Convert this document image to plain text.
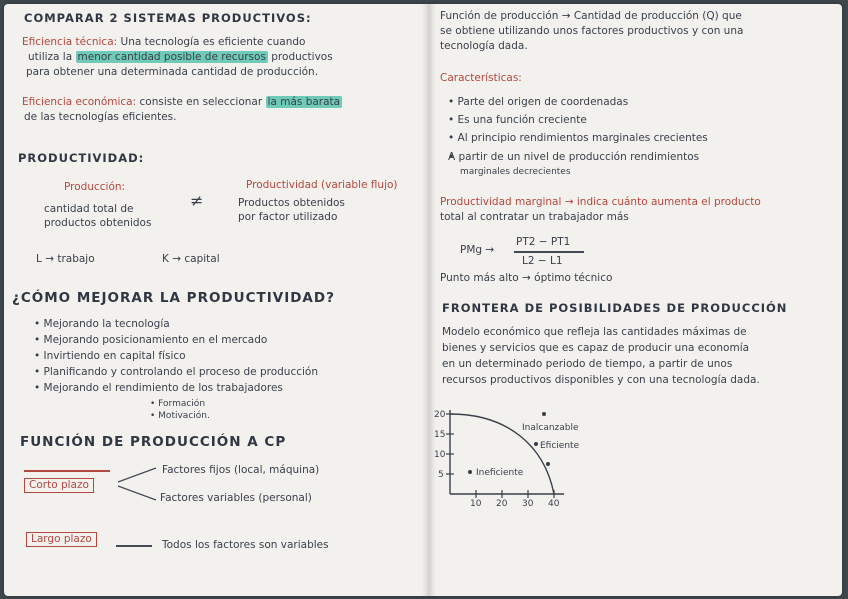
COMPARAR 2 SISTEMAS PRODUCTIVOS:
Eficiencia técnica: Una tecnología es eficiente cuando
utiliza la menor cantidad posible de recursos productivos
para obtener una determinada cantidad de producción.
Eficiencia económica: consiste en seleccionar la más barata
de las tecnologías eficientes.
PRODUCTIVIDAD:
Producción:
cantidad total de
productos obtenidos
≠
Productividad (variable flujo)
Productos obtenidos
por factor utilizado
L → trabajo	K → capital
¿CÓMO MEJORAR LA PRODUCTIVIDAD?
• Mejorando la tecnología
• Mejorando posicionamiento en el mercado
• Invirtiendo en capital físico
• Planificando y controlando el proceso de producción
• Mejorando el rendimiento de los trabajadores
• Formación
• Motivación.
FUNCIÓN DE PRODUCCIÓN A CP
Corto plazo
Factores fijos (local, máquina)
Factores variables (personal)
Largo plazo	Todos los factores son variables
Función de producción → Cantidad de producción (Q) que
se obtiene utilizando unos factores productivos y con una
tecnología dada.
Características:
• Parte del origen de coordenadas
• Es una función creciente
• Al principio rendimientos marginales crecientes
•
A partir de un nivel de producción rendimientos
marginales decrecientes
Productividad marginal → indica cuánto aumenta el producto
total al contratar un trabajador más
PMg →
PT2 − PT1
L2 − L1
Punto más alto → óptimo técnico
FRONTERA DE POSIBILIDADES DE PRODUCCIÓN
Modelo económico que refleja las cantidades máximas de
bienes y servicios que es capaz de producir una economía
en un determinado periodo de tiempo, a partir de unos
recursos productivos disponibles y con una tecnología dada.
20
15
10
5
10 20 30 40
Inalcanzable
Eficiente
Ineficiente
